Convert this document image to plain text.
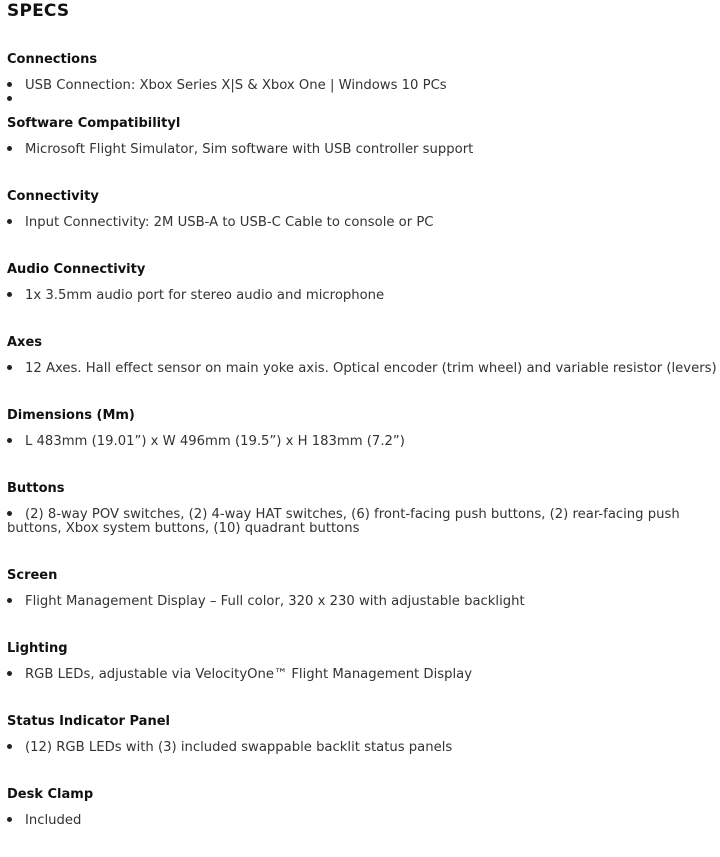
SPECS
Connections
USB Connection: Xbox Series X|S & Xbox One | Windows 10 PCs
Software Compatibilityl
Microsoft Flight Simulator, Sim software with USB controller support
Connectivity
Input Connectivity: 2M USB-A to USB-C Cable to console or PC
Audio Connectivity
1x 3.5mm audio port for stereo audio and microphone
Axes
12 Axes. Hall effect sensor on main yoke axis. Optical encoder (trim wheel) and variable resistor (levers)
Dimensions (Mm)
L 483mm (19.01”) x W 496mm (19.5”) x H 183mm (7.2”)
Buttons
(2) 8-way POV switches, (2) 4-way HAT switches, (6) front-facing push buttons, (2) rear-facing push buttons, Xbox system buttons, (10) quadrant buttons
Screen
Flight Management Display – Full color, 320 x 230 with adjustable backlight
Lighting
RGB LEDs, adjustable via VelocityOne™ Flight Management Display
Status Indicator Panel
(12) RGB LEDs with (3) included swappable backlit status panels
Desk Clamp
Included
